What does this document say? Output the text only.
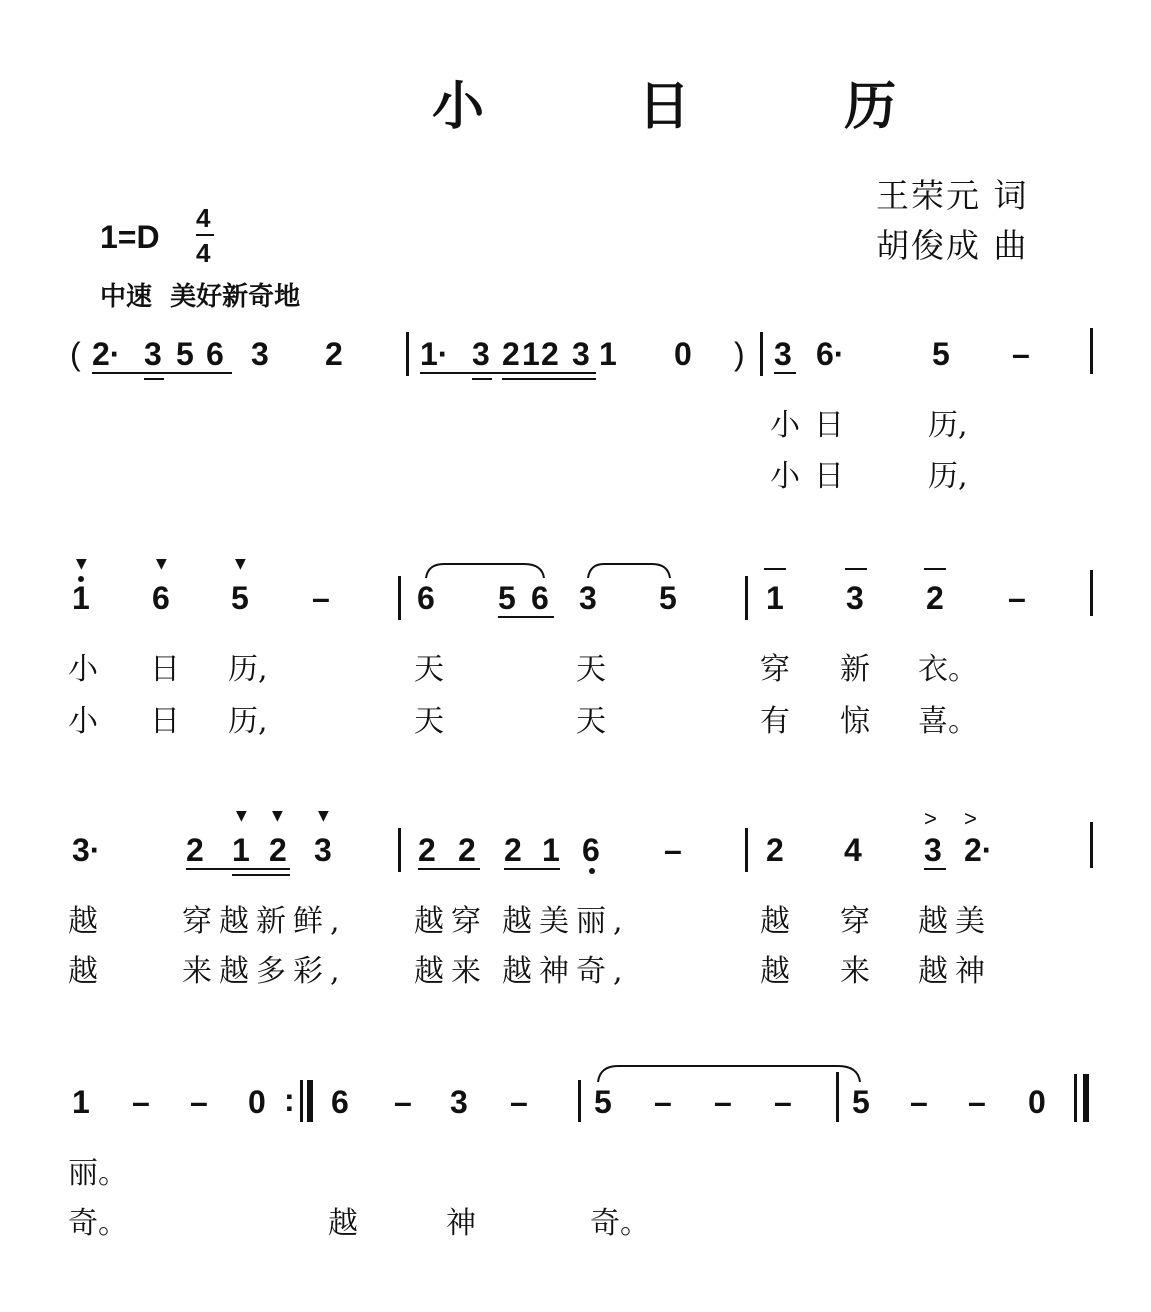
小 日 历
王荣元 词
胡俊成 曲
1=D
4
4
中速  美好新奇地
( 2· 3 5 6 3 2 1· 3 2 1 2 3 1 0 ) 3 6·	5 –
小 日	历,
小 日	历,
▼	▼	▼
1 6 5 –	6 5 6 3 5	1 3 2 –
小 日 历,	天	天	穿 新 衣。
小 日 历,	天	天	有 惊 喜。
▼ ▼	▼
3·	2 1 2 3	2 2 2 1 6 –
> >
2 4 3 2·
越	穿越新鲜, 越穿 越美丽,	越 穿 越美
越	来越多彩, 越来 越神奇,	越 来 越神
1 – – 0 : 6 – 3 – 5 – – – 5 – – 0
丽。
奇。	越	神	奇。
